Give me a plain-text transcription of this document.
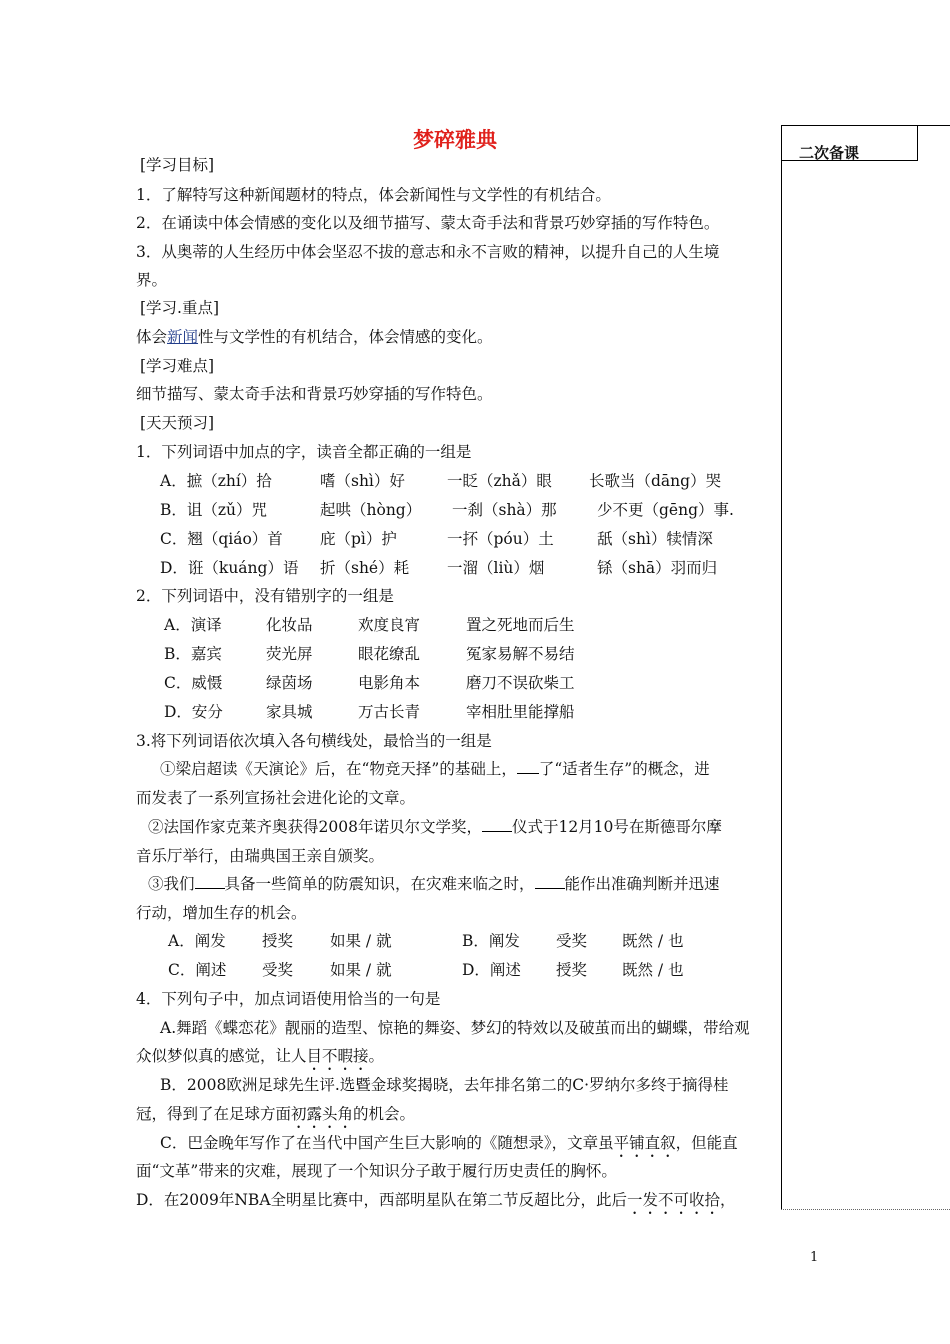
梦碎雅典
二次备课
[学习目标]
1．了解特写这种新闻题材的特点，体会新闻性与文学性的有机结合。
2．在诵读中体会情感的变化以及细节描写、蒙太奇手法和背景巧妙穿插的写作特色。
3．从奥蒂的人生经历中体会坚忍不拔的意志和永不言败的精神，以提升自己的人生境
界。
[学习.重点]
体会新闻性与文学性的有机结合，体会情感的变化。
[学习难点]
细节描写、蒙太奇手法和背景巧妙穿插的写作特色。
[天天预习]
1．下列词语中加点的字，读音全都正确的一组是
A．摭（zhí）拾	嗜（shì）好	一眨（zhǎ）眼 长歌当（dāng）哭
B．诅（zǔ）咒	起哄（hòng） 一刹（shà）那	少不更（gēng）事.
C．翘（qiáo）首 庇（pì）护	一抔（póu）土	舐（shì）犊情深
D．诳（kuáng）语 折（shé）耗 一溜（liù）烟	铩（shā）羽而归
2．下列词语中，没有错别字的一组是
A．演译	化妆品	欢度良宵	置之死地而后生
B．嘉宾	荧光屏	眼花缭乱	冤家易解不易结
C．威慑	绿茵场	电影角本	磨刀不误砍柴工
D．安分	家具城	万古长青	宰相肚里能撑船
3.将下列词语依次填入各句横线处，最恰当的一组是
①梁启超读《天演论》后，在“物竞天择”的基础上， 了“适者生存”的概念，进
而发表了一系列宣扬社会进化论的文章。
②法国作家克莱齐奥获得2008年诺贝尔文学奖， 仪式于12月10号在斯德哥尔摩
音乐厅举行，由瑞典国王亲自颁奖。
③我们 具备一些简单的防震知识，在灾难来临之时， 能作出准确判断并迅速
行动，增加生存的机会。
A．阐发 授奖 如果 / 就	B．阐发 受奖 既然 / 也
C．阐述 受奖 如果 / 就	D．阐述 授奖 既然 / 也
4．下列句子中，加点词语使用恰当的一句是
A.舞蹈《蝶恋花》靓丽的造型、惊艳的舞姿、梦幻的特效以及破茧而出的蝴蝶，带给观
众似梦似真的感觉，让人目不暇接。
B．2008欧洲足球先生评.选暨金球奖揭晓，去年排名第二的C·罗纳尔多终于摘得桂
冠，得到了在足球方面初露头角的机会。
C．巴金晚年写作了在当代中国产生巨大影响的《随想录》，文章虽平铺直叙，但能直
面“文革”带来的灾难，展现了一个知识分子敢于履行历史责任的胸怀。
D．在2009年NBA全明星比赛中，西部明星队在第二节反超比分，此后一发不可收拾，
1
